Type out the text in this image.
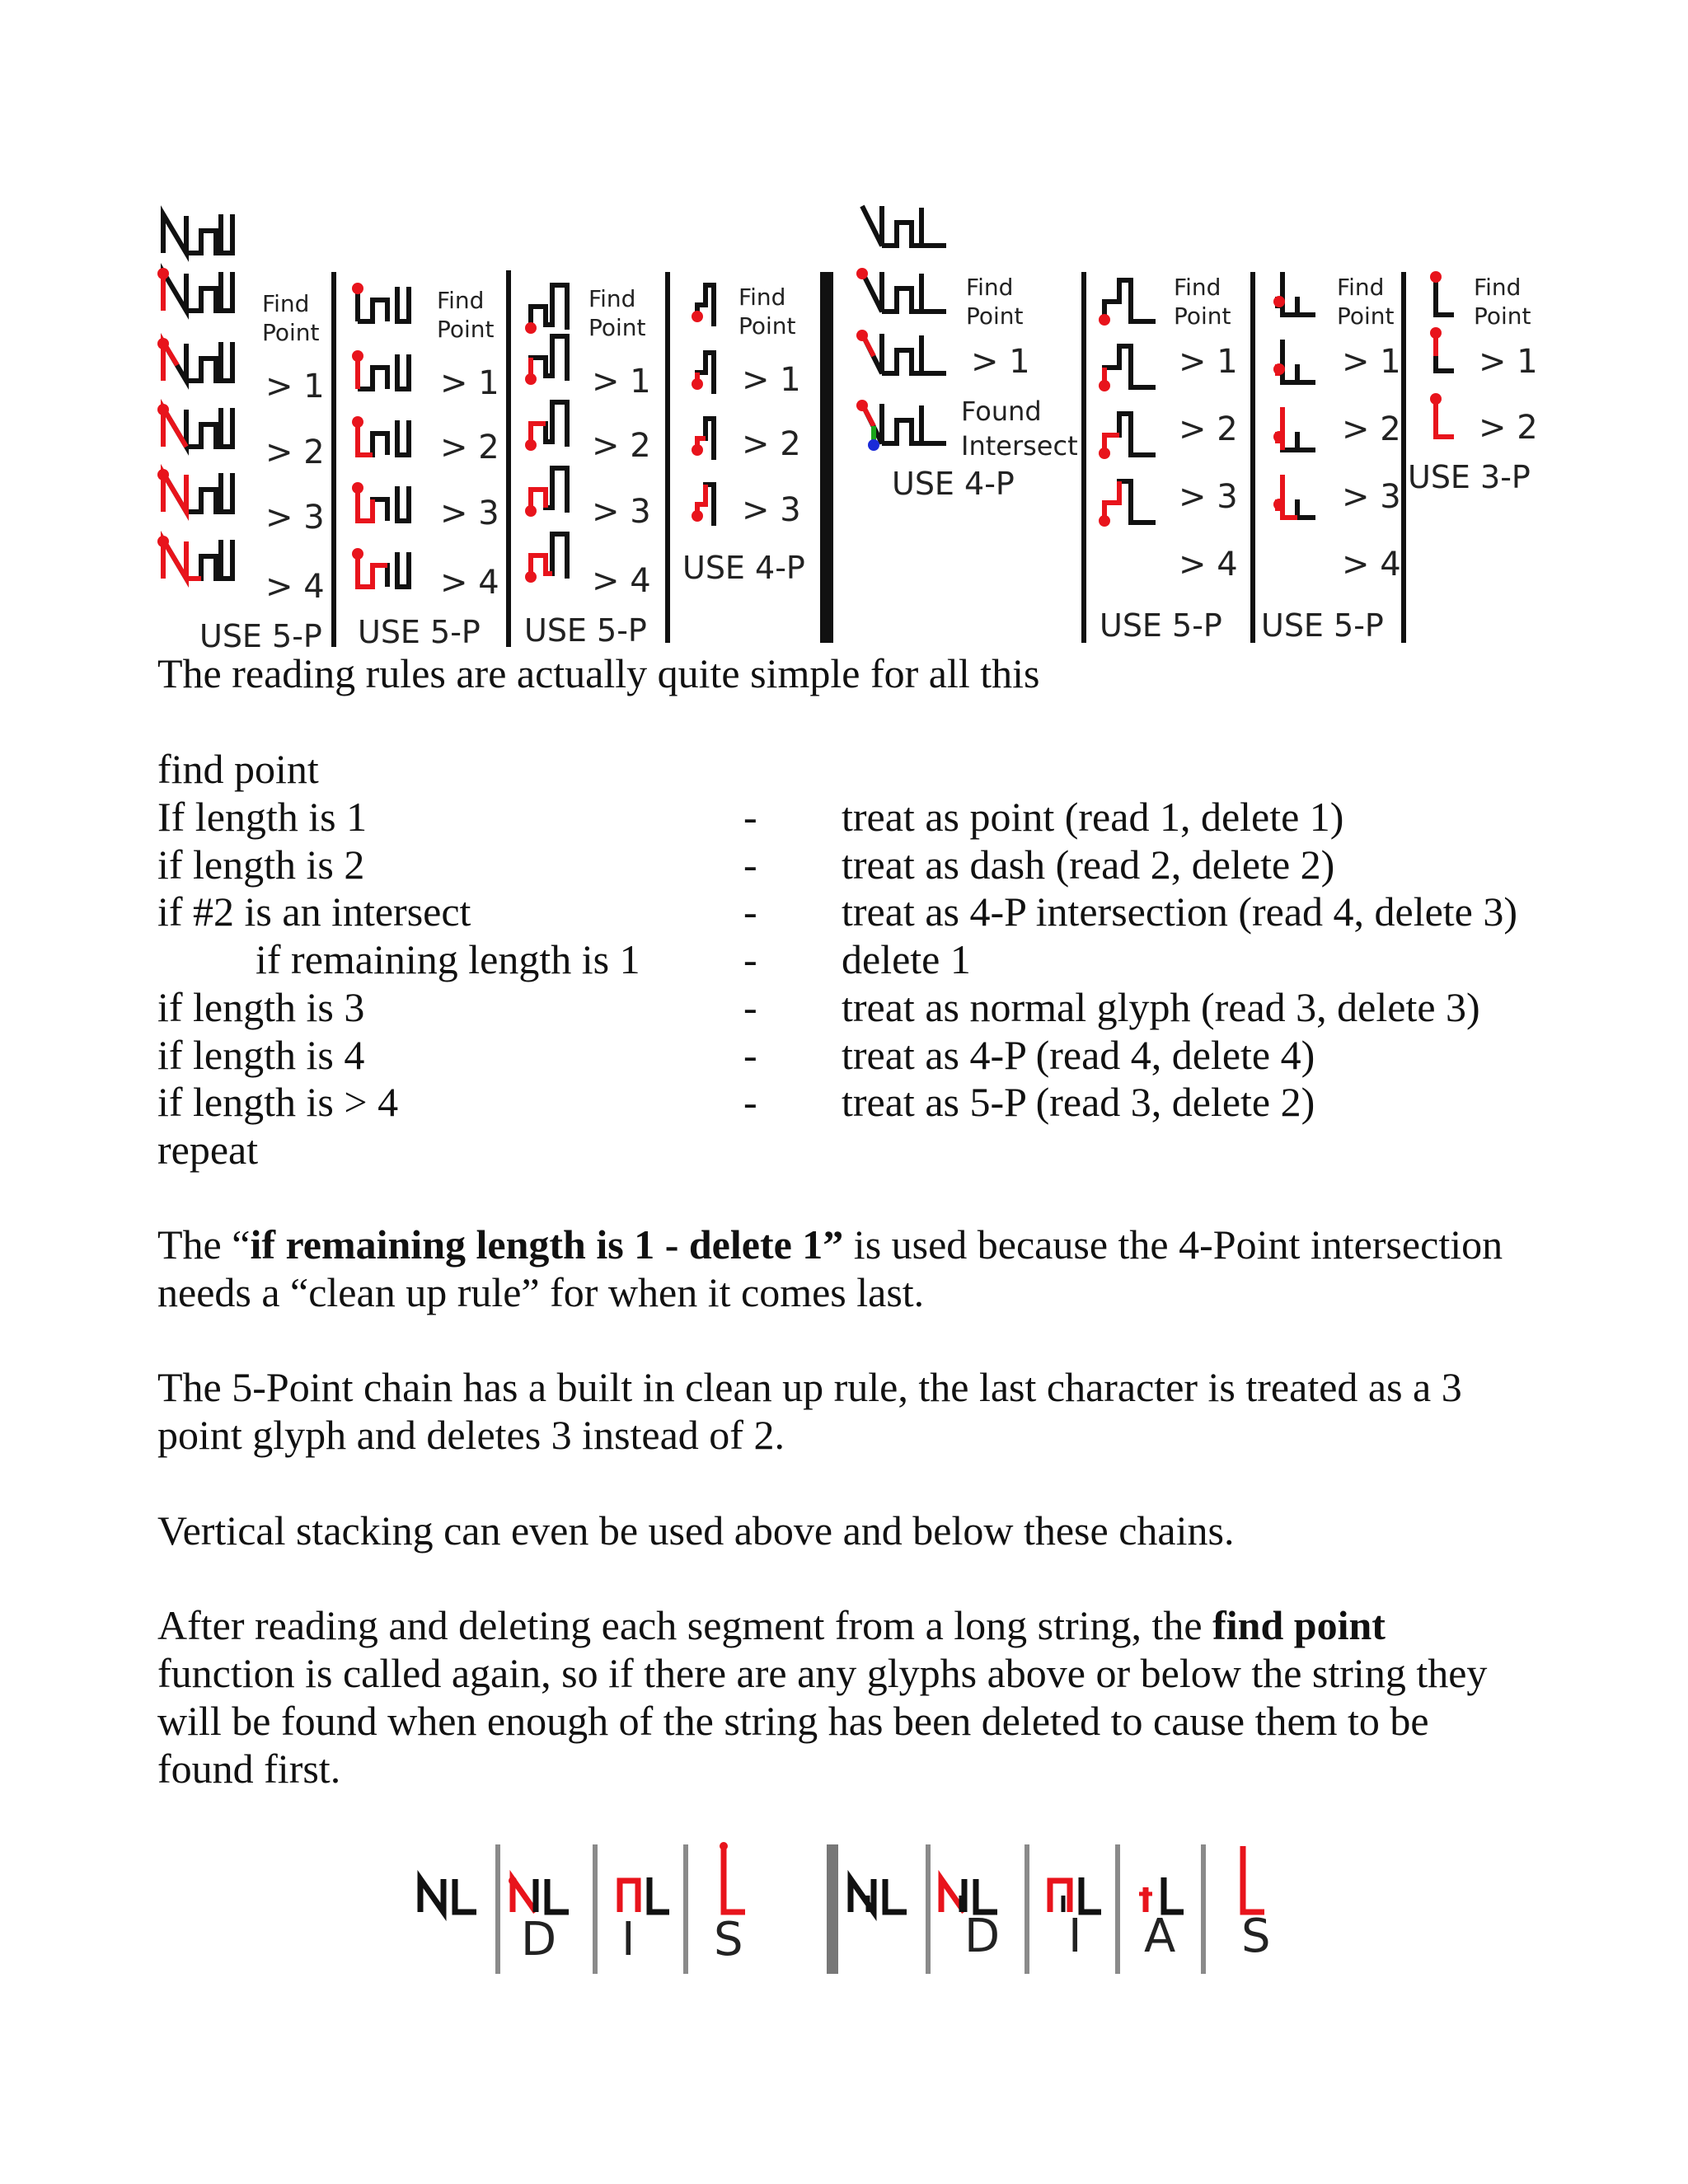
Find
Point
> 1
> 2
> 3
> 4
USE 5-P
Find
Point
> 1
> 2
> 3
> 4
USE 5-P
Find
Point
> 1
> 2
> 3
> 4
USE 5-P
Find
Point
> 1
> 2
> 3
USE 4-P
Find
Point
> 1
Found
Intersect
USE 4-P
Find
Point
> 1
> 2
> 3
> 4
USE 5-P
Find
Point
> 1
> 2
> 3
> 4
USE 5-P
Find
Point
> 1
> 2
USE 3-P
D I S	D I A S
The reading rules are actually quite simple for all this
find point
If length is 1	- treat as point (read 1, delete 1)
if length is 2	- treat as dash (read 2, delete 2)
if #2 is an intersect	- treat as 4-P intersection (read 4, delete 3)
if remaining length is 1	- delete 1
if length is 3	- treat as normal glyph (read 3, delete 3)
if length is 4	- treat as 4-P (read 4, delete 4)
if length is > 4	- treat as 5-P (read 3, delete 2)
repeat
The “if remaining length is 1 - delete 1” is used because the 4-Point intersection
needs a “clean up rule” for when it comes last.
The 5-Point chain has a built in clean up rule, the last character is treated as a 3
point glyph and deletes 3 instead of 2.
Vertical stacking can even be used above and below these chains.
After reading and deleting each segment from a long string, the find point
function is called again, so if there are any glyphs above or below the string they
will be found when enough of the string has been deleted to cause them to be
found first.
